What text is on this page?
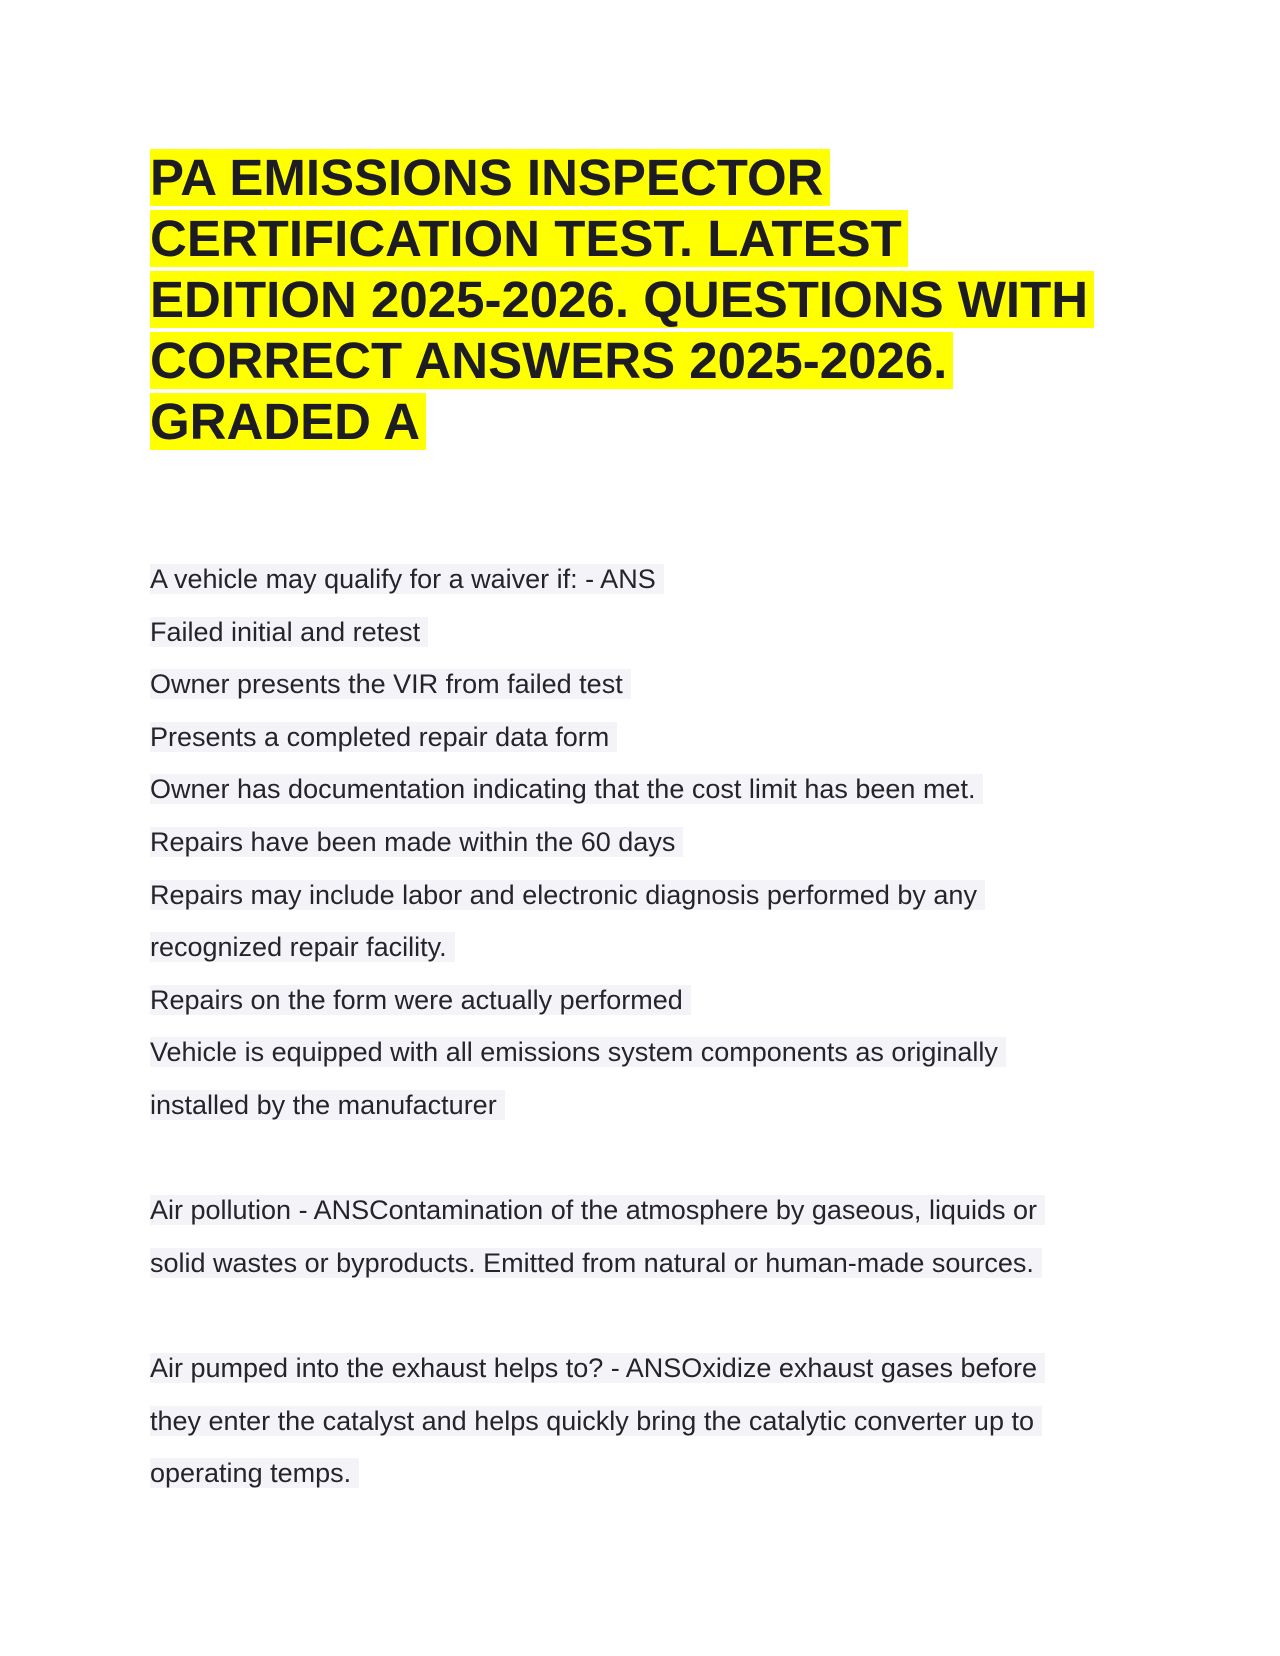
PA EMISSIONS INSPECTOR
CERTIFICATION TEST. LATEST
EDITION 2025-2026. QUESTIONS WITH
CORRECT ANSWERS 2025-2026.
GRADED A
A vehicle may qualify for a waiver if: - ANS
Failed initial and retest
Owner presents the VIR from failed test
Presents a completed repair data form
Owner has documentation indicating that the cost limit has been met.
Repairs have been made within the 60 days
Repairs may include labor and electronic diagnosis performed by any
recognized repair facility.
Repairs on the form were actually performed
Vehicle is equipped with all emissions system components as originally
installed by the manufacturer
Air pollution - ANSContamination of the atmosphere by gaseous, liquids or
solid wastes or byproducts. Emitted from natural or human-made sources.
Air pumped into the exhaust helps to? - ANSOxidize exhaust gases before
they enter the catalyst and helps quickly bring the catalytic converter up to
operating temps.
